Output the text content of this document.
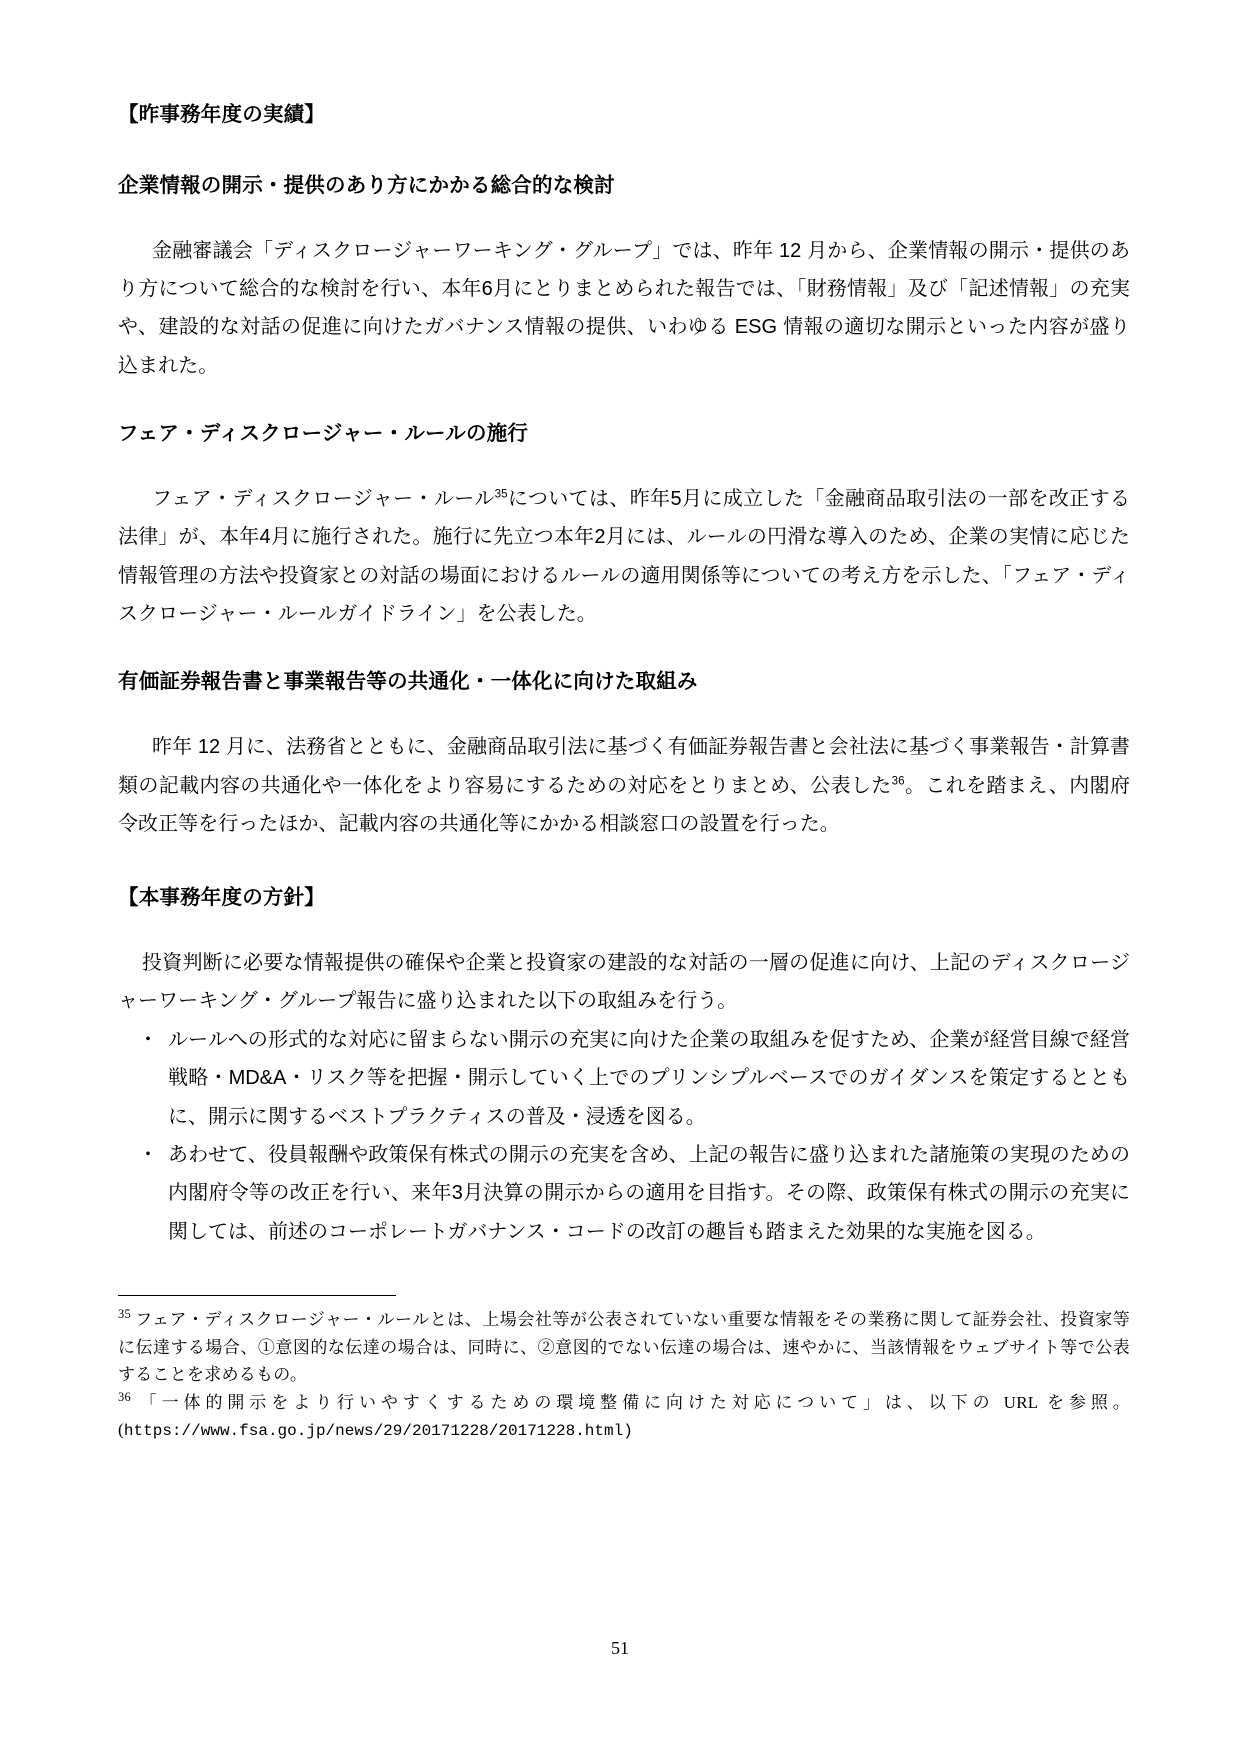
【昨事務年度の実績】
企業情報の開示・提供のあり方にかかる総合的な検討

金融審議会「ディスクロージャーワーキング・グループ」では、昨年 12 月から、企業情報の開示・提供のあり方について総合的な検討を行い、本年6月にとりまとめられた報告では、「財務情報」及び「記述情報」の充実や、建設的な対話の促進に向けたガバナンス情報の提供、いわゆる ESG 情報の適切な開示といった内容が盛り込まれた。

フェア・ディスクロージャー・ルールの施行

フェア・ディスクロージャー・ルール$^{35}$については、昨年5月に成立した「金融商品取引法の一部を改正する法律」が、本年4月に施行された。施行に先立つ本年2月には、ルールの円滑な導入のため、企業の実情に応じた情報管理の方法や投資家との対話の場面におけるルールの適用関係等についての考え方を示した、「フェア・ディスクロージャー・ルールガイドライン」を公表した。

有価証券報告書と事業報告等の共通化・一体化に向けた取組み

昨年 12 月に、法務省とともに、金融商品取引法に基づく有価証券報告書と会社法に基づく事業報告・計算書類の記載内容の共通化や一体化をより容易にするための対応をとりまとめ、公表した$^{36}$。これを踏まえ、内閣府令改正等を行ったほか、記載内容の共通化等にかかる相談窓口の設置を行った。

【本事務年度の方針】

投資判断に必要な情報提供の確保や企業と投資家の建設的な対話の一層の促進に向け、上記のディスクロージャーワーキング・グループ報告に盛り込まれた以下の取組みを行う。

・ ルールへの形式的な対応に留まらない開示の充実に向けた企業の取組みを促すため、企業が経営目線で経営戦略・MD&A・リスク等を把握・開示していく上でのプリンシプルベースでのガイダンスを策定するとともに、開示に関するベストプラクティスの普及・浸透を図る。
・ あわせて、役員報酬や政策保有株式の開示の充実を含め、上記の報告に盛り込まれた諸施策の実現のための内閣府令等の改正を行い、来年3月決算の開示からの適用を目指す。その際、政策保有株式の開示の充実に関しては、前述のコーポレートガバナンス・コードの改訂の趣旨も踏まえた効果的な実施を図る。

$^{35}$ フェア・ディスクロージャー・ルールとは、上場会社等が公表されていない重要な情報をその業務に関して証券会社、投資家等に伝達する場合、①意図的な伝達の場合は、同時に、②意図的でない伝達の場合は、速やかに、当該情報をウェブサイト等で公表することを求めるもの。

$^{36}$ 「一体的開示をより行いやすくするための環境整備に向けた対応について」は、以下の URL を参照。(https://www.fsa.go.jp/news/29/20171228/20171228.html)

51
